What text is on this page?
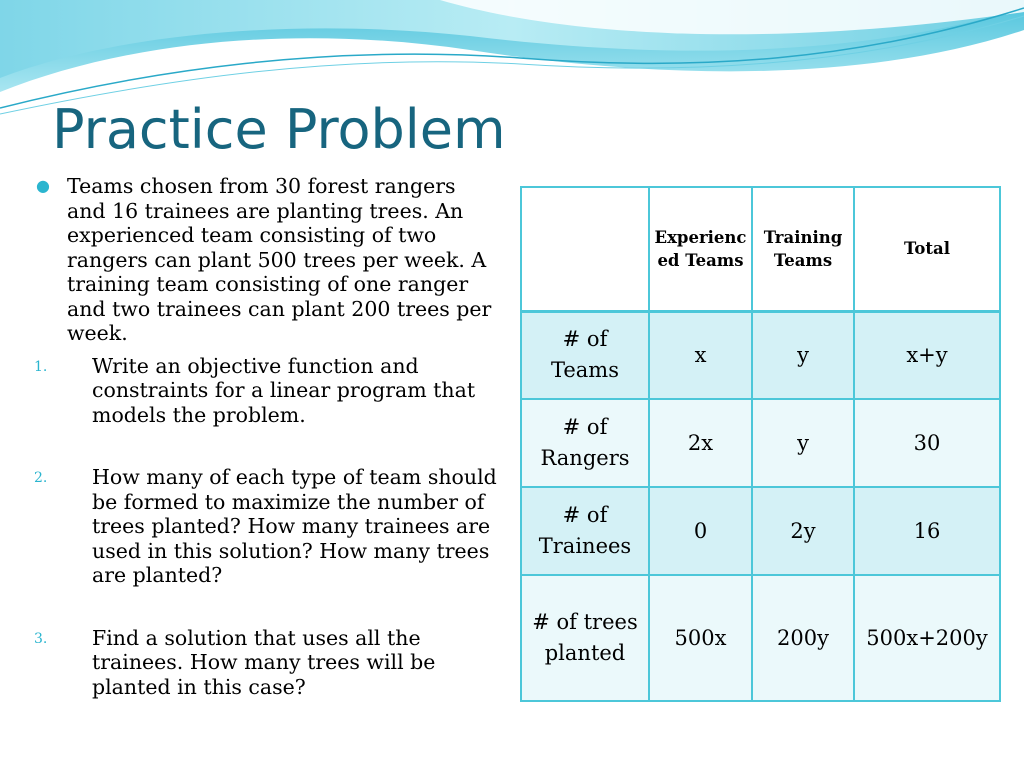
Practice Problem
● Teams chosen from 30 forest rangers and 16 trainees are planting trees. An experienced team consisting of two rangers can plant 500 trees per week. A training team consisting of one ranger and two trainees can plant 200 trees per week.
1.	Write an objective function and constraints for a linear program that models the problem.
2.	How many of each type of team should be formed to maximize the number of trees planted? How many trainees are used in this solution? How many trees are planted?
3.	Find a solution that uses all the trainees. How many trees will be planted in this case?
	Experienced Teams	Training Teams	Total
# of Teams	x	y	x+y
# of Rangers	2x	y	30
# of Trainees	0	2y	16
# of trees planted	500x	200y	500x+200y
